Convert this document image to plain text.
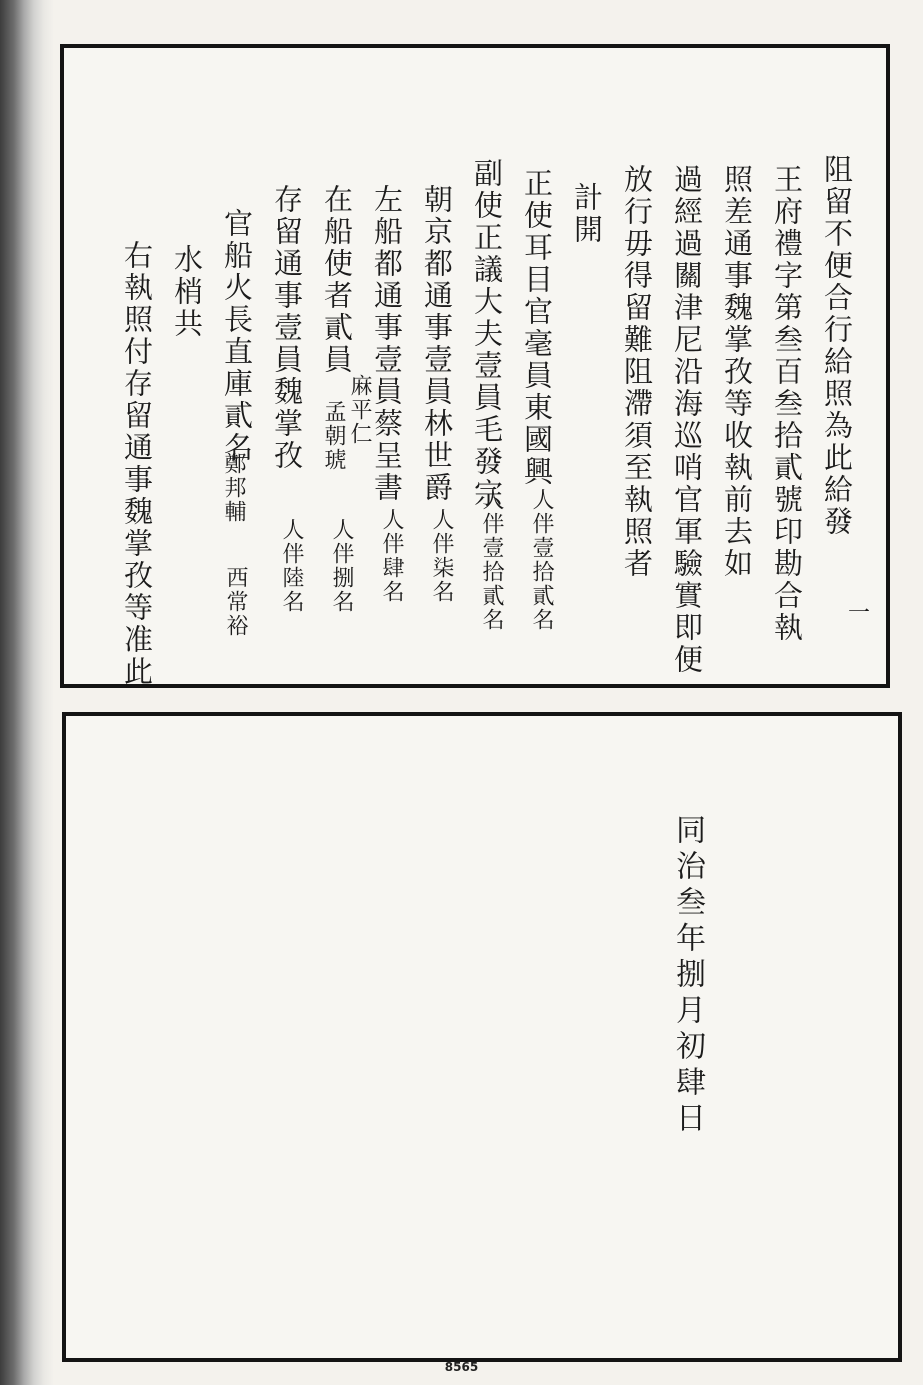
阻留不便合行給照為此給發
王府禮字第叁百叁拾貳號印勘合執
照差通事魏掌孜等收執前去如
過經過關津尼沿海巡哨官軍驗實即便
放行毋得留難阻滯須至執照者
計開
正使耳目官毫員東國興
副使正議大夫壹員毛發宗
朝京都通事壹員林世爵
左船都通事壹員蔡呈書
在船使者貳員
存留通事壹員魏掌孜
官船火長直庫貳名
水梢共
右執照付存留通事魏掌孜等准此	人伴壹拾貳名
人伴壹拾貳名
人伴柒名
人伴肆名
麻平仁
孟朝琥
人伴捌名
人伴陸名
鄭邦輔
西常裕	一
同治叁年捌月初肆日
8565
